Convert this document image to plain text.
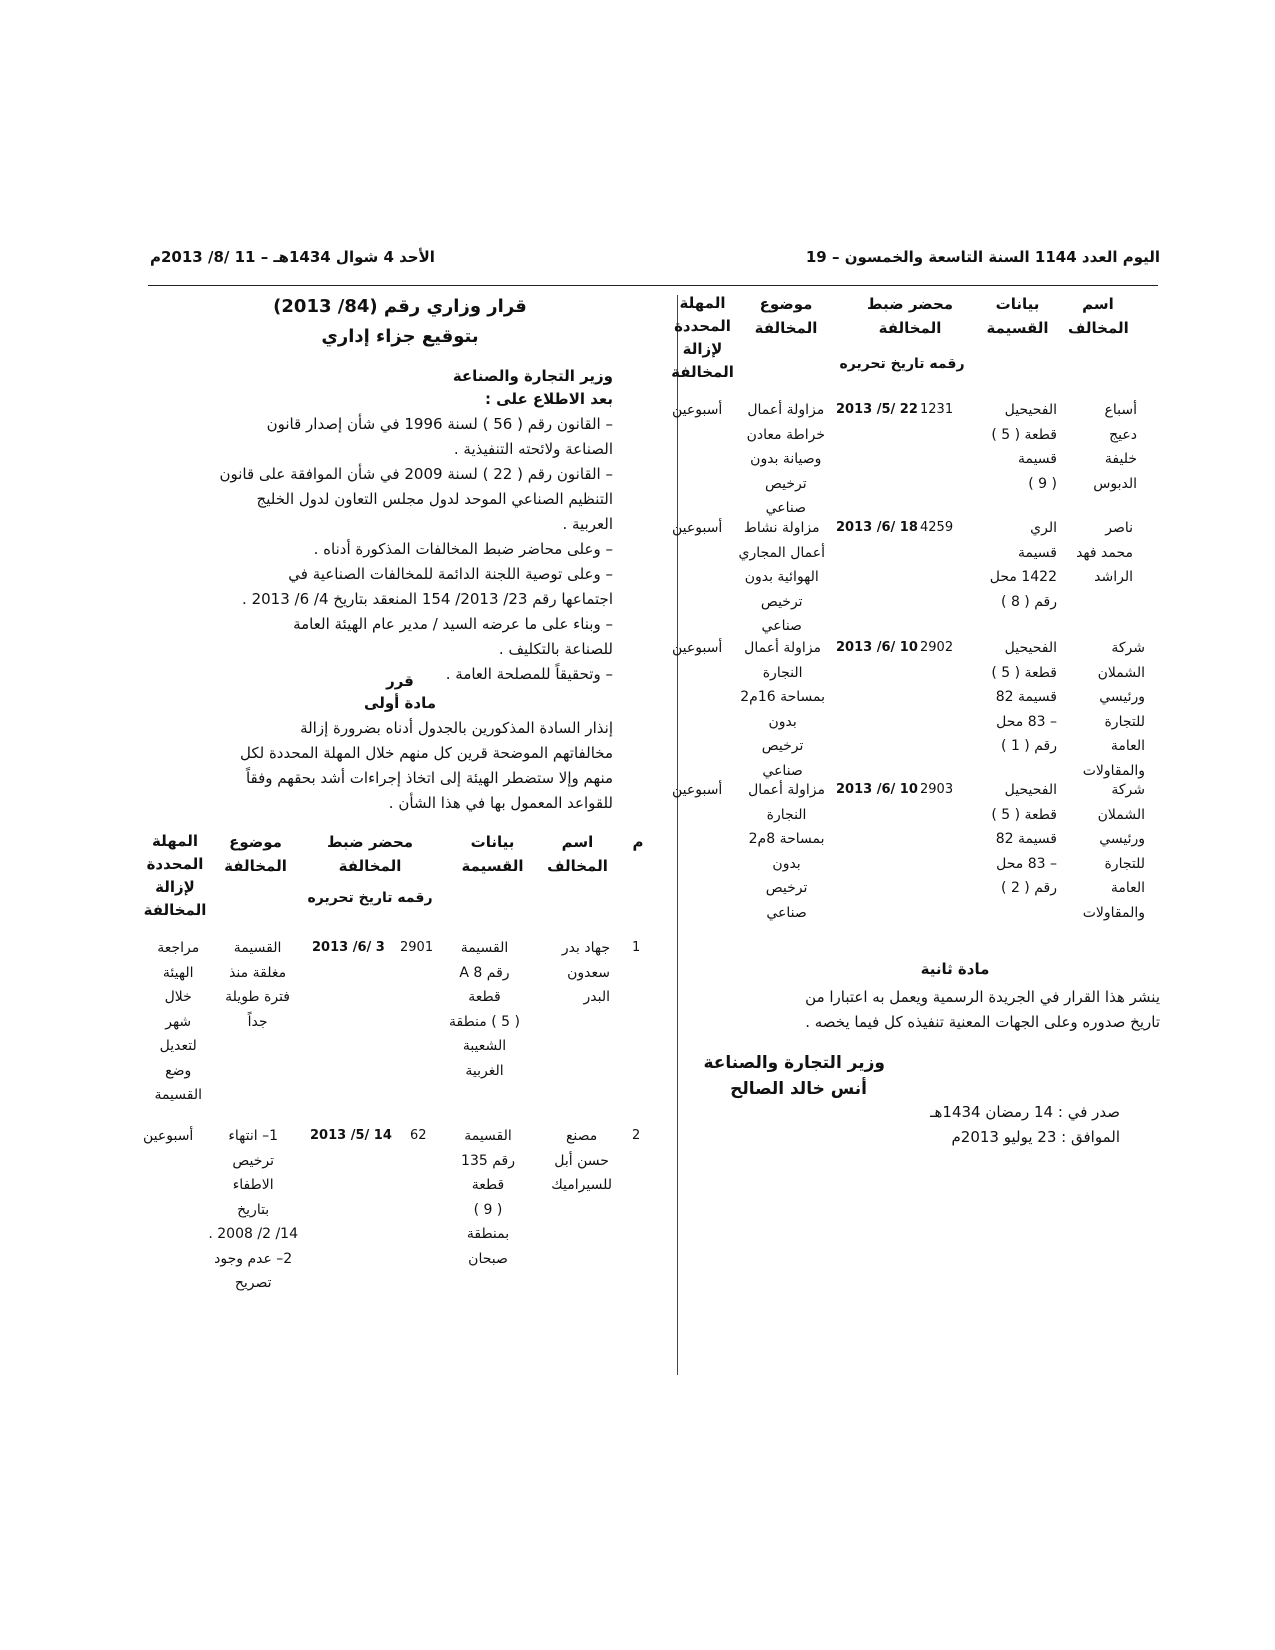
اليوم العدد 1144 السنة التاسعة والخمسون – 19
الأحد 4 شوال 1434هـ – 11 /8/ 2013م
اسم
المخالف
بيانات
القسيمة
محضر ضبط
المخالفة
رقمه تاريخ تحريره
موضوع
المخالفة
المهلة
المحددة
لإزالة
المخالفة
أسباع
دعيج
خليفة
الدبوس
الفحيحيل
قطعة ( 5 )
قسيمة
( 9 )
1231
2013 /5/ 22
مزاولة أعمال
خراطة معادن
وصيانة بدون
ترخيص
صناعي
أسبوعين
ناصر
محمد فهد
الراشد
الري
قسيمة
1422 محل
رقم ( 8 )
4259
2013 /6/ 18
مزاولة نشاط
أعمال المجاري
الهوائية بدون
ترخيص
صناعي
أسبوعين
شركة
الشملان
ورئيسي
للتجارة
العامة
والمقاولات
الفحيحيل
قطعة ( 5 )
قسيمة 82
– 83 محل
رقم ( 1 )
2902
2013 /6/ 10
مزاولة أعمال
النجارة
بمساحة 16م2
بدون
ترخيص
صناعي
أسبوعين
شركة
الشملان
ورئيسي
للتجارة
العامة
والمقاولات
الفحيحيل
قطعة ( 5 )
قسيمة 82
– 83 محل
رقم ( 2 )
2903
2013 /6/ 10
مزاولة أعمال
النجارة
بمساحة 8م2
بدون
ترخيص
صناعي
أسبوعين
مادة ثانية
ينشر هذا القرار في الجريدة الرسمية ويعمل به اعتبارا من
تاريخ صدوره وعلى الجهات المعنية تنفيذه كل فيما يخصه .
وزير التجارة والصناعة
أنس خالد الصالح
صدر في : 14 رمضان 1434هـ
الموافق : 23 يوليو 2013م
قرار وزاري رقم (84/ 2013)
بتوقيع جزاء إداري
وزير التجارة والصناعة
بعد الاطلاع على :
– القانون رقم ( 56 ) لسنة 1996 في شأن إصدار قانون
الصناعة ولائحته التنفيذية .
– القانون رقم ( 22 ) لسنة 2009 في شأن الموافقة على قانون
التنظيم الصناعي الموحد لدول مجلس التعاون لدول الخليج
العربية .
– وعلى محاضر ضبط المخالفات المذكورة أدناه .
– وعلى توصية اللجنة الدائمة للمخالفات الصناعية في
اجتماعها رقم 23/ 2013/ 154 المنعقد بتاريخ 4/ 6/ 2013 .
– وبناء على ما عرضه السيد / مدير عام الهيئة العامة
للصناعة بالتكليف .
– وتحقيقاً للمصلحة العامة .
قرر
مادة أولى
إنذار السادة المذكورين بالجدول أدناه بضرورة إزالة
مخالفاتهم الموضحة قرين كل منهم خلال المهلة المحددة لكل
منهم وإلا ستضطر الهيئة إلى اتخاذ إجراءات أشد بحقهم وفقاً
للقواعد المعمول بها في هذا الشأن .
م
اسم
المخالف
بيانات
القسيمة
محضر ضبط
المخالفة
رقمه تاريخ تحريره
موضوع
المخالفة
المهلة
المحددة
لإزالة
المخالفة
1
جهاد بدر
سعدون
البدر
القسيمة
رقم A 8
قطعة
( 5 ) منطقة
الشعيبة
الغربية
2901
2013 /6/ 3
القسيمة
مغلقة منذ
فترة طويلة
جداً
مراجعة
الهيئة
خلال
شهر
لتعديل
وضع
القسيمة
2
مصنع
حسن أبل
للسيراميك
القسيمة
رقم 135
قطعة
( 9 )
بمنطقة
صبحان
62
2013 /5/ 14
1– انتهاء
ترخيص
الاطفاء
بتاريخ
14/ 2/ 2008 .
2– عدم وجود
تصريح
أسبوعين
